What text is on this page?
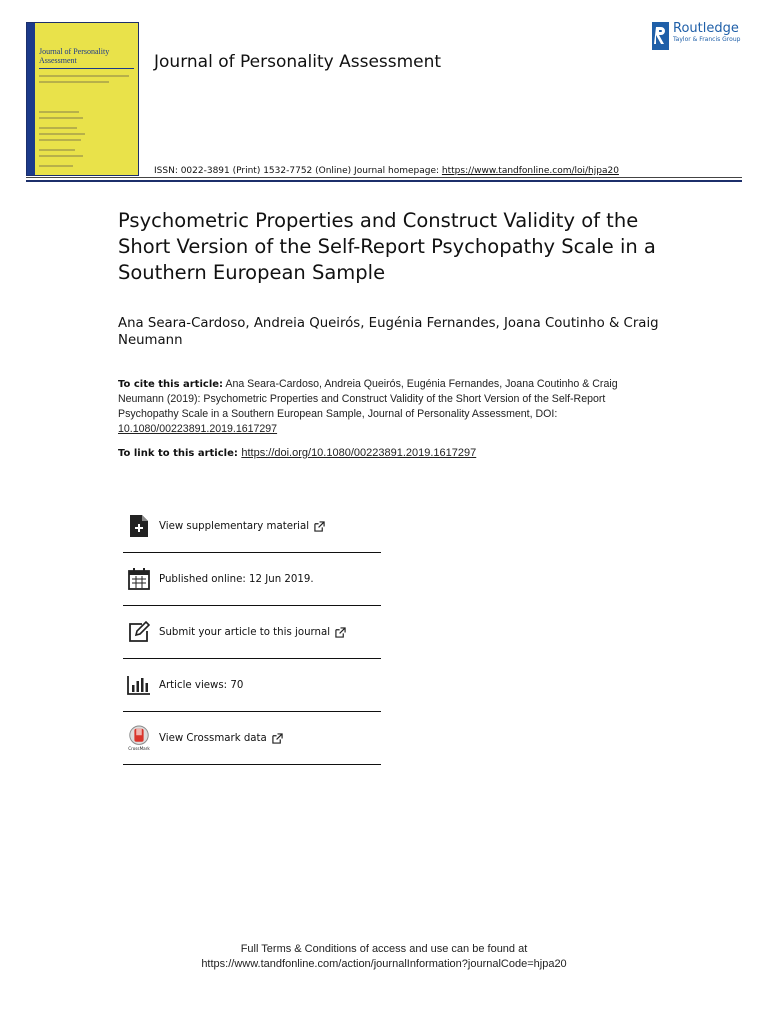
Journal of Personality Assessment	Journal of Personality Assessment
Routledge
Taylor & Francis Group
ISSN: 0022-3891 (Print) 1532-7752 (Online) Journal homepage: https://www.tandfonline.com/loi/hjpa20
Psychometric Properties and Construct Validity of the Short Version of the Self-Report Psychopathy Scale in a Southern European Sample
Ana Seara-Cardoso, Andreia Queirós, Eugénia Fernandes, Joana Coutinho & Craig Neumann
To cite this article: Ana Seara-Cardoso, Andreia Queirós, Eugénia Fernandes, Joana Coutinho & Craig Neumann (2019): Psychometric Properties and Construct Validity of the Short Version of the Self-Report Psychopathy Scale in a Southern European Sample, Journal of Personality Assessment, DOI: 10.1080/00223891.2019.1617297
To link to this article: https://doi.org/10.1080/00223891.2019.1617297
View supplementary material
Published online: 12 Jun 2019.
Submit your article to this journal
Article views: 70
CrossMark
View Crossmark data
Full Terms & Conditions of access and use can be found at
https://www.tandfonline.com/action/journalInformation?journalCode=hjpa20
